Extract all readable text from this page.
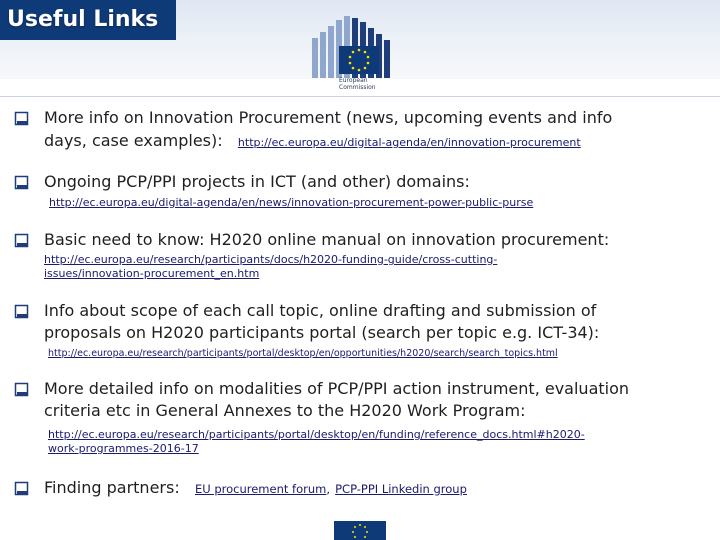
Useful Links
European
Commission
More info on Innovation Procurement (news, upcoming events and info
days, case examples): http://ec.europa.eu/digital-agenda/en/innovation-procurement
Ongoing PCP/PPI projects in ICT (and other) domains:
http://ec.europa.eu/digital-agenda/en/news/innovation-procurement-power-public-purse
Basic need to know: H2020 online manual on innovation procurement:
http://ec.europa.eu/research/participants/docs/h2020-funding-guide/cross-cutting-
issues/innovation-procurement_en.htm
Info about scope of each call topic, online drafting and submission of
proposals on H2020 participants portal (search per topic e.g. ICT-34):
http://ec.europa.eu/research/participants/portal/desktop/en/opportunities/h2020/search/search_topics.html
More detailed info on modalities of PCP/PPI action instrument, evaluation
criteria etc in General Annexes to the H2020 Work Program:
http://ec.europa.eu/research/participants/portal/desktop/en/funding/reference_docs.html#h2020-
work-programmes-2016-17
Finding partners: EU procurement forum, PCP-PPI Linkedin group
